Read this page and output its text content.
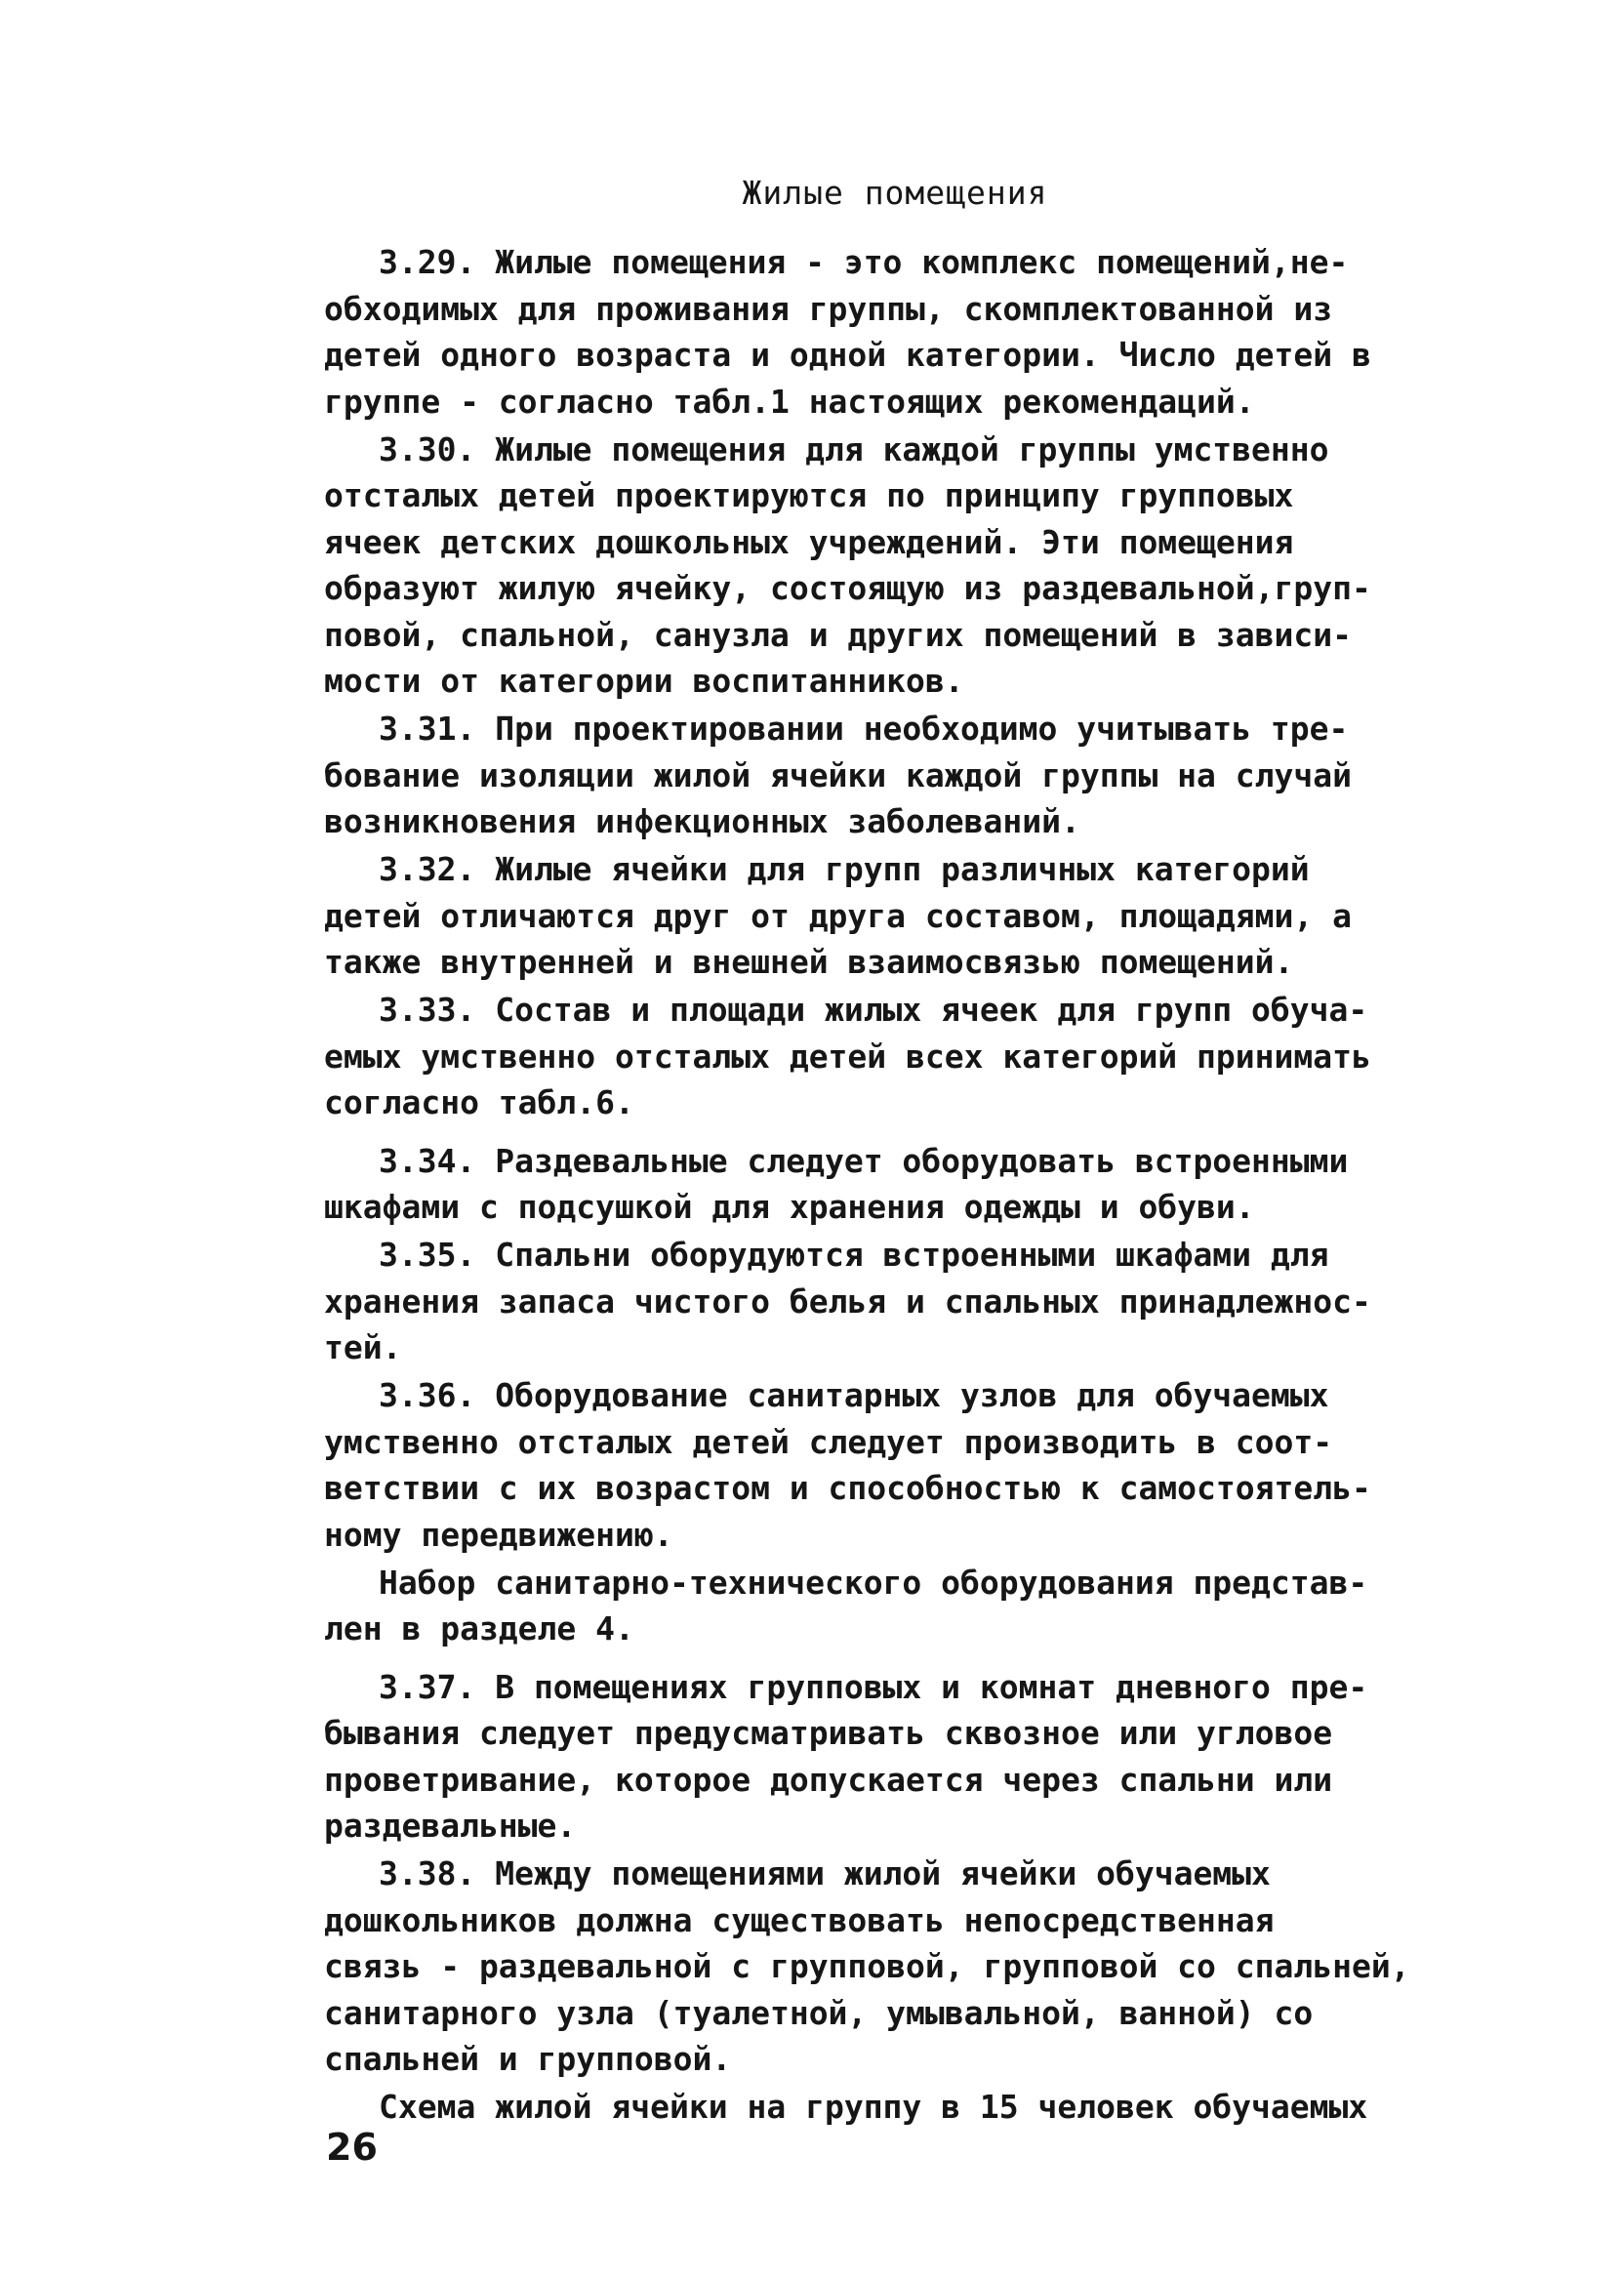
Жилые помещения
3.29. Жилые помещения - это комплекс помещений,не-
обходимых для проживания группы, скомплектованной из
детей одного возраста и одной категории. Число детей в
группе - согласно табл.1 настоящих рекомендаций.
3.30. Жилые помещения для каждой группы умственно
отсталых детей проектируются по принципу групповых
ячеек детских дошкольных учреждений. Эти помещения
образуют жилую ячейку, состоящую из раздевальной,груп-
повой, спальной, санузла и других помещений в зависи-
мости от категории воспитанников.
3.31. При проектировании необходимо учитывать тре-
бование изоляции жилой ячейки каждой группы на случай
возникновения инфекционных заболеваний.
3.32. Жилые ячейки для групп различных категорий
детей отличаются друг от друга составом, площадями, а
также внутренней и внешней взаимосвязью помещений.
3.33. Состав и площади жилых ячеек для групп обуча-
емых умственно отсталых детей всех категорий принимать
согласно табл.6.
3.34. Раздевальные следует оборудовать встроенными
шкафами с подсушкой для хранения одежды и обуви.
3.35. Спальни оборудуются встроенными шкафами для
хранения запаса чистого белья и спальных принадлежнос-
тей.
3.36. Оборудование санитарных узлов для обучаемых
умственно отсталых детей следует производить в соот-
ветствии с их возрастом и способностью к самостоятель-
ному передвижению.
Набор санитарно-технического оборудования представ-
лен в разделе 4.
3.37. В помещениях групповых и комнат дневного пре-
бывания следует предусматривать сквозное или угловое
проветривание, которое допускается через спальни или
раздевальные.
3.38. Между помещениями жилой ячейки обучаемых
дошкольников должна существовать непосредственная
связь - раздевальной с групповой, групповой со спальней,
санитарного узла (туалетной, умывальной, ванной) со
спальней и групповой.
Схема жилой ячейки на группу в 15 человек обучаемых
26
